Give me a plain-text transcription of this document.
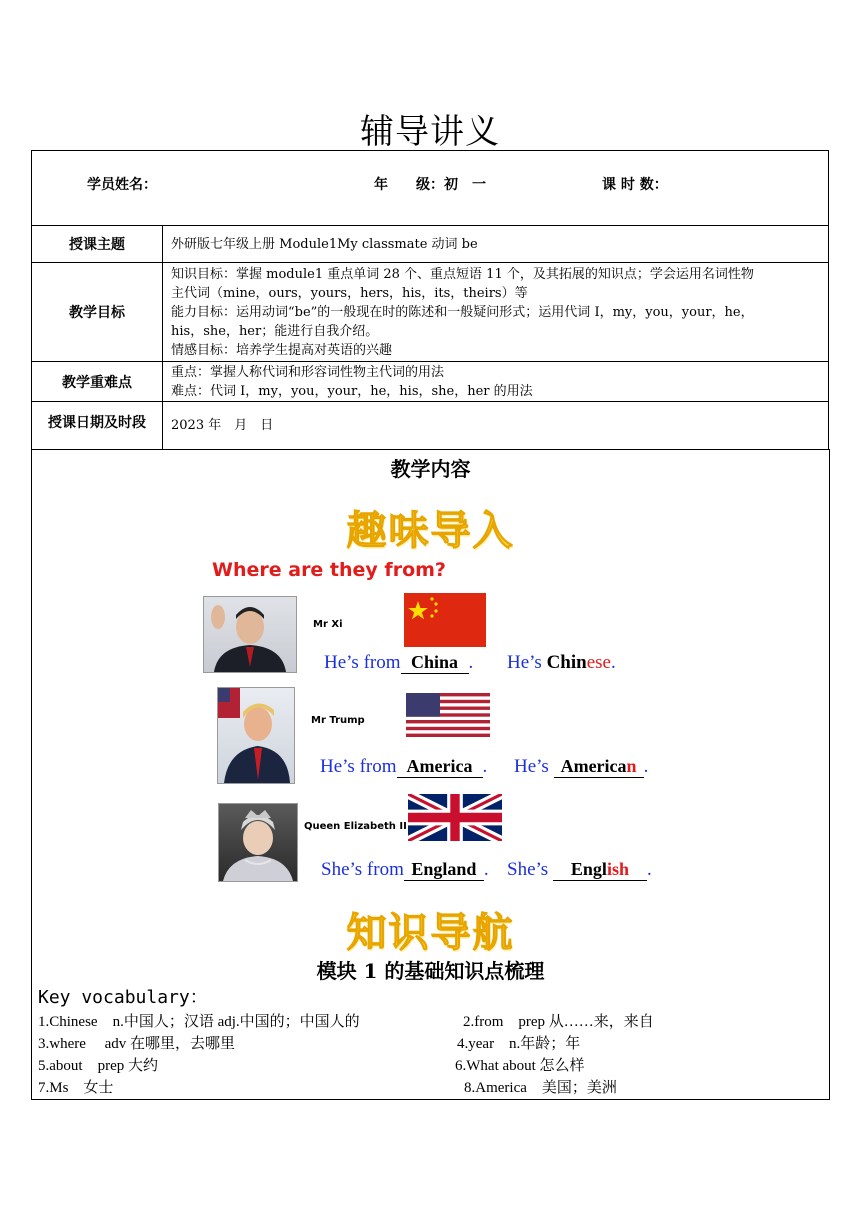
辅导讲义
学员姓名： 年　　级：初　一 课 时 数：	

授课主题	外研版七年级上册 Module1My classmate 动词 be

教学目标	知识目标：掌握 module1 重点单词 28 个、重点短语 11 个，及其拓展的知识点；学会运用名词性物
主代词（mine，ours，yours，hers，his，its，theirs）等
能力目标：运用动词“be”的一般现在时的陈述和一般疑问形式；运用代词 I，my，you，your，he，
his，she，her；能进行自我介绍。
情感目标：培养学生提高对英语的兴趣

教学重难点	重点：掌握人称代词和形容词性物主代词的用法
难点：代词 I，my，you，your，he，his，she，her 的用法

授课日期及时段	2023 年　月　日
教学内容
趣味导入
Where are they from?
Mr Xi
He’s from China . He’s Chinese.
Mr Trump
He’s from America . He’s American .
Queen Elizabeth II
She’s from England . She’s English .
知识导航
模块 1 的基础知识点梳理
Key vocabulary：
1.Chinese　n.中国人；汉语 adj.中国的；中国人的	2.from　prep 从……来，来自
3.where　 adv 在哪里，去哪里	4.year　n.年龄；年
5.about　prep 大约	6.What about 怎么样
7.Ms　女士	8.America　美国；美洲
